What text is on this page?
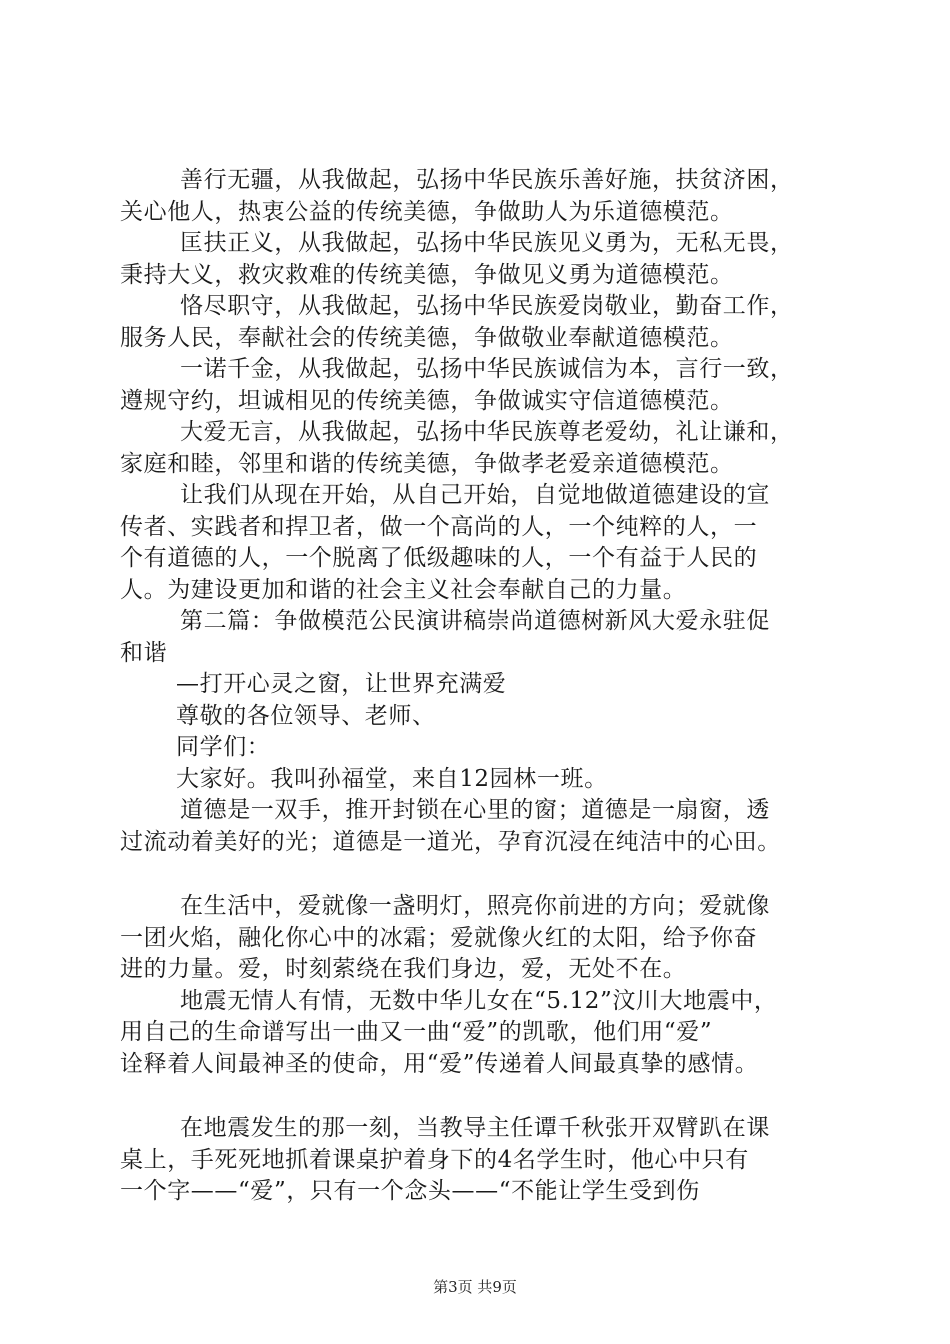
善行无疆，从我做起，弘扬中华民族乐善好施，扶贫济困，
关心他人，热衷公益的传统美德，争做助人为乐道德模范。
匡扶正义，从我做起，弘扬中华民族见义勇为，无私无畏，
秉持大义，救灾救难的传统美德，争做见义勇为道德模范。
恪尽职守，从我做起，弘扬中华民族爱岗敬业，勤奋工作，
服务人民，奉献社会的传统美德，争做敬业奉献道德模范。
一诺千金，从我做起，弘扬中华民族诚信为本，言行一致，
遵规守约，坦诚相见的传统美德，争做诚实守信道德模范。
大爱无言，从我做起，弘扬中华民族尊老爱幼，礼让谦和，
家庭和睦，邻里和谐的传统美德，争做孝老爱亲道德模范。
让我们从现在开始，从自己开始，自觉地做道德建设的宣
传者、实践者和捍卫者，做一个高尚的人，一个纯粹的人，一
个有道德的人，一个脱离了低级趣味的人，一个有益于人民的
人。为建设更加和谐的社会主义社会奉献自己的力量。
第二篇：争做模范公民演讲稿崇尚道德树新风大爱永驻促
和谐
—打开心灵之窗，让世界充满爱
尊敬的各位领导、老师、
同学们：
大家好。我叫孙福堂，来自12园林一班。
道德是一双手，推开封锁在心里的窗；道德是一扇窗，透
过流动着美好的光；道德是一道光，孕育沉浸在纯洁中的心田。
在生活中，爱就像一盏明灯，照亮你前进的方向；爱就像
一团火焰，融化你心中的冰霜；爱就像火红的太阳，给予你奋
进的力量。爱，时刻萦绕在我们身边，爱，无处不在。
地震无情人有情，无数中华儿女在“5.12”汶川大地震中，
用自己的生命谱写出一曲又一曲“爱”的凯歌，他们用“爱”
诠释着人间最神圣的使命，用“爱”传递着人间最真挚的感情。
在地震发生的那一刻，当教导主任谭千秋张开双臂趴在课
桌上，手死死地抓着课桌护着身下的4名学生时，他心中只有
一个字——“爱”，只有一个念头——“不能让学生受到伤
第3页 共9页
